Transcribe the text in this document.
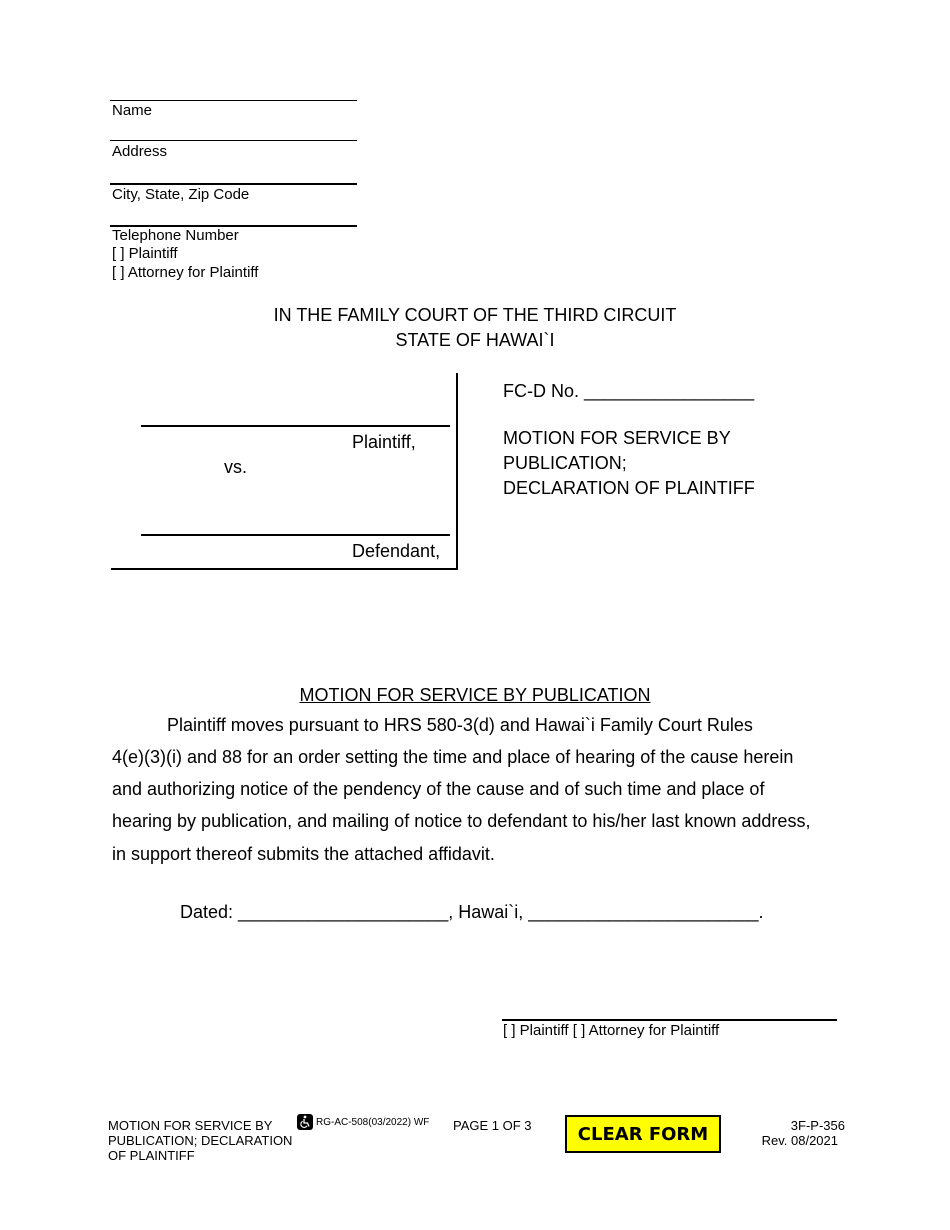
Name
Address
City, State, Zip Code
Telephone Number
[ ] Plaintiff
[ ] Attorney for Plaintiff
IN THE FAMILY COURT OF THE THIRD CIRCUIT
STATE OF HAWAI`I
Plaintiff,
vs.
Defendant,
FC-D No. _________________
MOTION FOR SERVICE BY
PUBLICATION;
DECLARATION OF PLAINTIFF
MOTION FOR SERVICE BY PUBLICATION
Plaintiff moves pursuant to HRS 580-3(d) and Hawai`i Family Court Rules
4(e)(3)(i) and 88 for an order setting the time and place of hearing of the cause herein
and authorizing notice of the pendency of the cause and of such time and place of
hearing by publication, and mailing of notice to defendant to his/her last known address,
in support thereof submits the attached affidavit.
Dated: _____________________, Hawai`i, _______________________.
[ ] Plaintiff [ ] Attorney for Plaintiff
MOTION FOR SERVICE BY
PUBLICATION; DECLARATION
OF PLAINTIFF
RG-AC-508(03/2022) WF PAGE 1 OF 3	CLEAR FORM	3F-P-356
Rev. 08/2021
